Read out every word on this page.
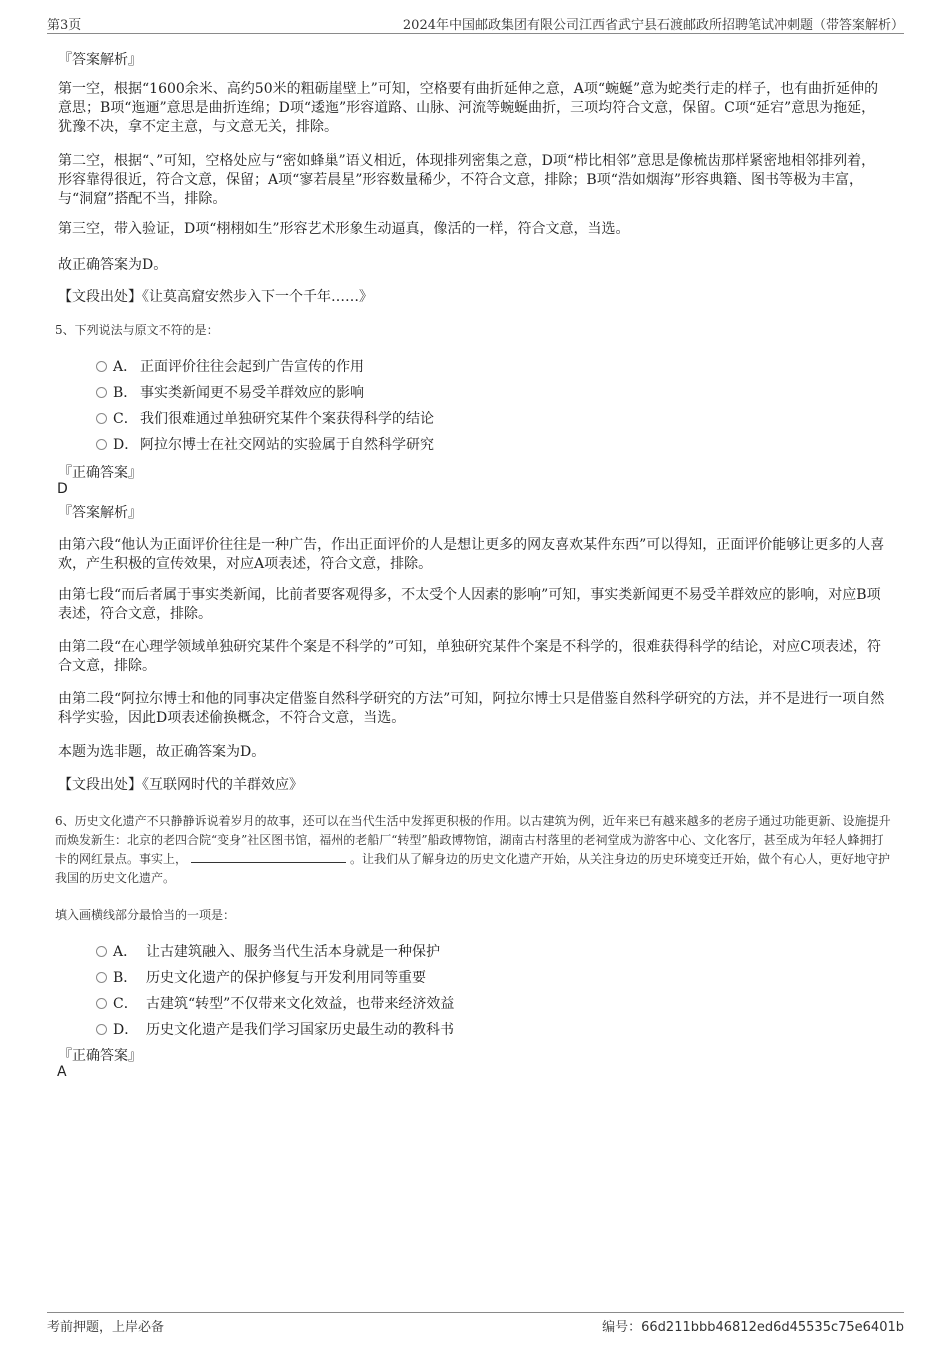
第3页	2024年中国邮政集团有限公司江西省武宁县石渡邮政所招聘笔试冲刺题（带答案解析）
『答案解析』

第一空，根据“1600余米、高约50米的粗砺崖壁上”可知，空格要有曲折延伸之意，A项“蜿蜒”意为蛇类行走的样子，也有曲折延伸的意思；B项“迤逦”意思是曲折连绵；D项“逶迤”形容道路、山脉、河流等蜿蜒曲折，三项均符合文意，保留。C项“延宕”意思为拖延，犹豫不决，拿不定主意，与文意无关，排除。

第二空，根据“、”可知，空格处应与“密如蜂巢”语义相近，体现排列密集之意，D项“栉比相邻”意思是像梳齿那样紧密地相邻排列着，形容靠得很近，符合文意，保留；A项“寥若晨星”形容数量稀少，不符合文意，排除；B项“浩如烟海”形容典籍、图书等极为丰富，与“洞窟”搭配不当，排除。

第三空，带入验证，D项“栩栩如生”形容艺术形象生动逼真，像活的一样，符合文意，当选。

故正确答案为D。

【文段出处】《让莫高窟安然步入下一个千年……》

5、下列说法与原文不符的是：
A． 正面评价往往会起到广告宣传的作用
B． 事实类新闻更不易受羊群效应的影响
C． 我们很难通过单独研究某件个案获得科学的结论
D． 阿拉尔博士在社交网站的实验属于自然科学研究
『正确答案』
D
『答案解析』

由第六段“他认为正面评价往往是一种广告，作出正面评价的人是想让更多的网友喜欢某件东西”可以得知，正面评价能够让更多的人喜欢，产生积极的宣传效果，对应A项表述，符合文意，排除。

由第七段“而后者属于事实类新闻，比前者要客观得多，不太受个人因素的影响”可知，事实类新闻更不易受羊群效应的影响，对应B项表述，符合文意，排除。

由第二段“在心理学领域单独研究某件个案是不科学的”可知，单独研究某件个案是不科学的，很难获得科学的结论，对应C项表述，符合文意，排除。

由第二段“阿拉尔博士和他的同事决定借鉴自然科学研究的方法”可知，阿拉尔博士只是借鉴自然科学研究的方法，并不是进行一项自然科学实验，因此D项表述偷换概念，不符合文意，当选。

本题为选非题，故正确答案为D。

【文段出处】《互联网时代的羊群效应》

6、历史文化遗产不只静静诉说着岁月的故事，还可以在当代生活中发挥更积极的作用。以古建筑为例，近年来已有越来越多的老房子通过功能更新、设施提升而焕发新生：北京的老四合院“变身”社区图书馆，福州的老船厂“转型”船政博物馆，湖南古村落里的老祠堂成为游客中心、文化客厅，甚至成为年轻人蜂拥打卡的网红景点。事实上，	。让我们从了解身边的历史文化遗产开始，从关注身边的历史环境变迁开始，做个有心人，更好地守护我国的历史文化遗产。

填入画横线部分最恰当的一项是：
A． 让古建筑融入、服务当代生活本身就是一种保护
B． 历史文化遗产的保护修复与开发利用同等重要
C． 古建筑“转型”不仅带来文化效益，也带来经济效益
D． 历史文化遗产是我们学习国家历史最生动的教科书
『正确答案』
A
考前押题，上岸必备	编号：66d211bbb46812ed6d45535c75e6401b
